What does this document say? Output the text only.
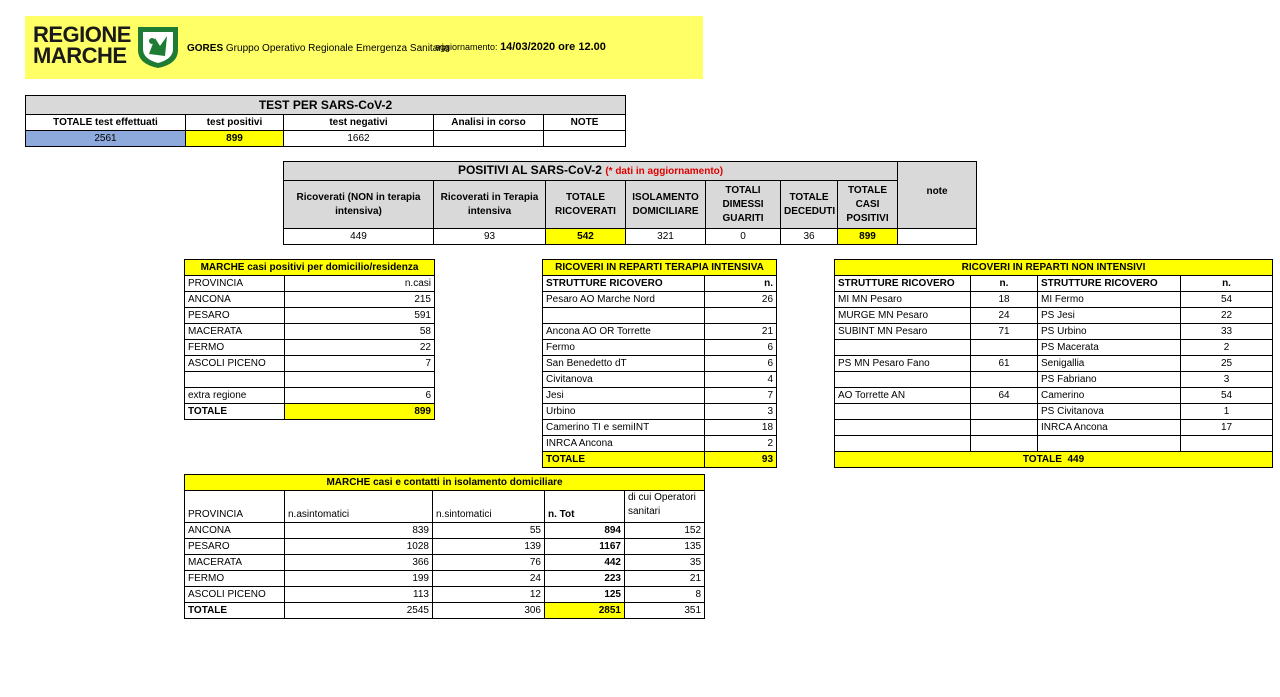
REGIONE
MARCHE	GORES Gruppo Operativo Regionale Emergenza Sanitaria
aggiornamento: 14/03/2020 ore 12.00
TEST PER SARS-CoV-2				
TOTALE test effettuati	test positivi	test negativi	Analisi in corso	NOTE
2561	899	1662		
POSITIVI AL SARS-CoV-2 (* dati in aggiornamento)							note
Ricoverati (NON in terapia intensiva)	Ricoverati in Terapia intensiva	TOTALE RICOVERATI	ISOLAMENTO DOMICILIARE	TOTALI DIMESSI GUARITI	TOTALE DECEDUTI	TOTALE CASI POSITIVI	
449	93	542	321	0	36	899	
MARCHE casi positivi per domicilio/residenza	
PROVINCIA	n.casi
ANCONA	215
PESARO	591
MACERATA	58
FERMO	22
ASCOLI PICENO	7

extra regione	6
TOTALE	899
RICOVERI IN REPARTI TERAPIA INTENSIVA	
STRUTTURE RICOVERO	n.
Pesaro AO Marche Nord	26

Ancona AO OR Torrette	21
Fermo	6
San Benedetto dT	6
Civitanova	4
Jesi	7
Urbino	3
Camerino TI e semiINT	18
INRCA Ancona	2
TOTALE	93
RICOVERI IN REPARTI NON INTENSIVI			
STRUTTURE RICOVERO	n.	STRUTTURE RICOVERO	n.
MI MN Pesaro	18	MI Fermo	54
MURGE MN Pesaro	24	PS Jesi	22
SUBINT MN Pesaro	71	PS Urbino	33
		PS Macerata	2
PS MN Pesaro Fano	61	Senigallia	25
		PS Fabriano	3
AO Torrette AN	64	Camerino	54
		PS Civitanova	1
		INRCA Ancona	17

TOTALE 449			
MARCHE casi e contatti in isolamento domiciliare				
PROVINCIA	n.asintomatici	n.sintomatici	n. Tot	di cui Operatori sanitari
ANCONA	839	55	894	152
PESARO	1028	139	1167	135
MACERATA	366	76	442	35
FERMO	199	24	223	21
ASCOLI PICENO	113	12	125	8
TOTALE	2545	306	2851	351
